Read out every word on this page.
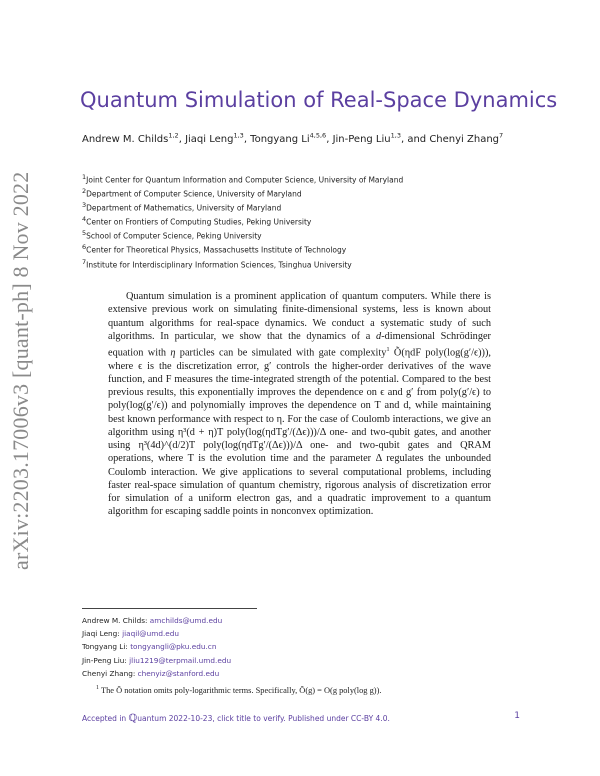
arXiv:2203.17006v3 [quant-ph] 8 Nov 2022
Quantum Simulation of Real-Space Dynamics
Andrew M. Childs$^{1,2}$, Jiaqi Leng$^{1,3}$, Tongyang Li$^{4,5,6}$, Jin-Peng Liu$^{1,3}$, and Chenyi Zhang$^7$
$^1$Joint Center for Quantum Information and Computer Science, University of Maryland
$^2$Department of Computer Science, University of Maryland
$^3$Department of Mathematics, University of Maryland
$^4$Center on Frontiers of Computing Studies, Peking University
$^5$School of Computer Science, Peking University
$^6$Center for Theoretical Physics, Massachusetts Institute of Technology
$^7$Institute for Interdisciplinary Information Sciences, Tsinghua University
Quantum simulation is a prominent application of quantum computers. While there is extensive previous work on simulating finite-dimensional systems, less is known about quantum algorithms for real-space dynamics. We conduct a systematic study of such algorithms. In particular, we show that the dynamics of a d-dimensional Schrödinger equation with η particles can be simulated with gate complexity$^1$ Õ(ηdF poly(log(g′/ϵ))), where ϵ is the discretization error, g′ controls the higher-order derivatives of the wave function, and F measures the time-integrated strength of the potential. Compared to the best previous results, this exponentially improves the dependence on ϵ and g′ from poly(g′/ϵ) to poly(log(g′/ϵ)) and polynomially improves the dependence on T and d, while maintaining best known performance with respect to η. For the case of Coulomb interactions, we give an algorithm using η³(d + η)T poly(log(ηdTg′/(Δϵ)))/Δ one- and two-qubit gates, and another using η³(4d)^(d/2)T poly(log(ηdTg′/(Δϵ)))/Δ one- and two-qubit gates and QRAM operations, where T is the evolution time and the parameter Δ regulates the unbounded Coulomb interaction. We give applications to several computational problems, including faster real-space simulation of quantum chemistry, rigorous analysis of discretization error for simulation of a uniform electron gas, and a quadratic improvement to a quantum algorithm for escaping saddle points in nonconvex optimization.
Andrew M. Childs: amchilds@umd.edu
Jiaqi Leng: jiaqil@umd.edu
Tongyang Li: tongyangli@pku.edu.cn
Jin-Peng Liu: jliu1219@terpmail.umd.edu
Chenyi Zhang: chenyiz@stanford.edu
$^1$ The Õ notation omits poly-logarithmic terms. Specifically, Õ(g) = O(g poly(log g)).
Accepted in ℚuantum 2022-10-23, click title to verify. Published under CC-BY 4.0.	1
